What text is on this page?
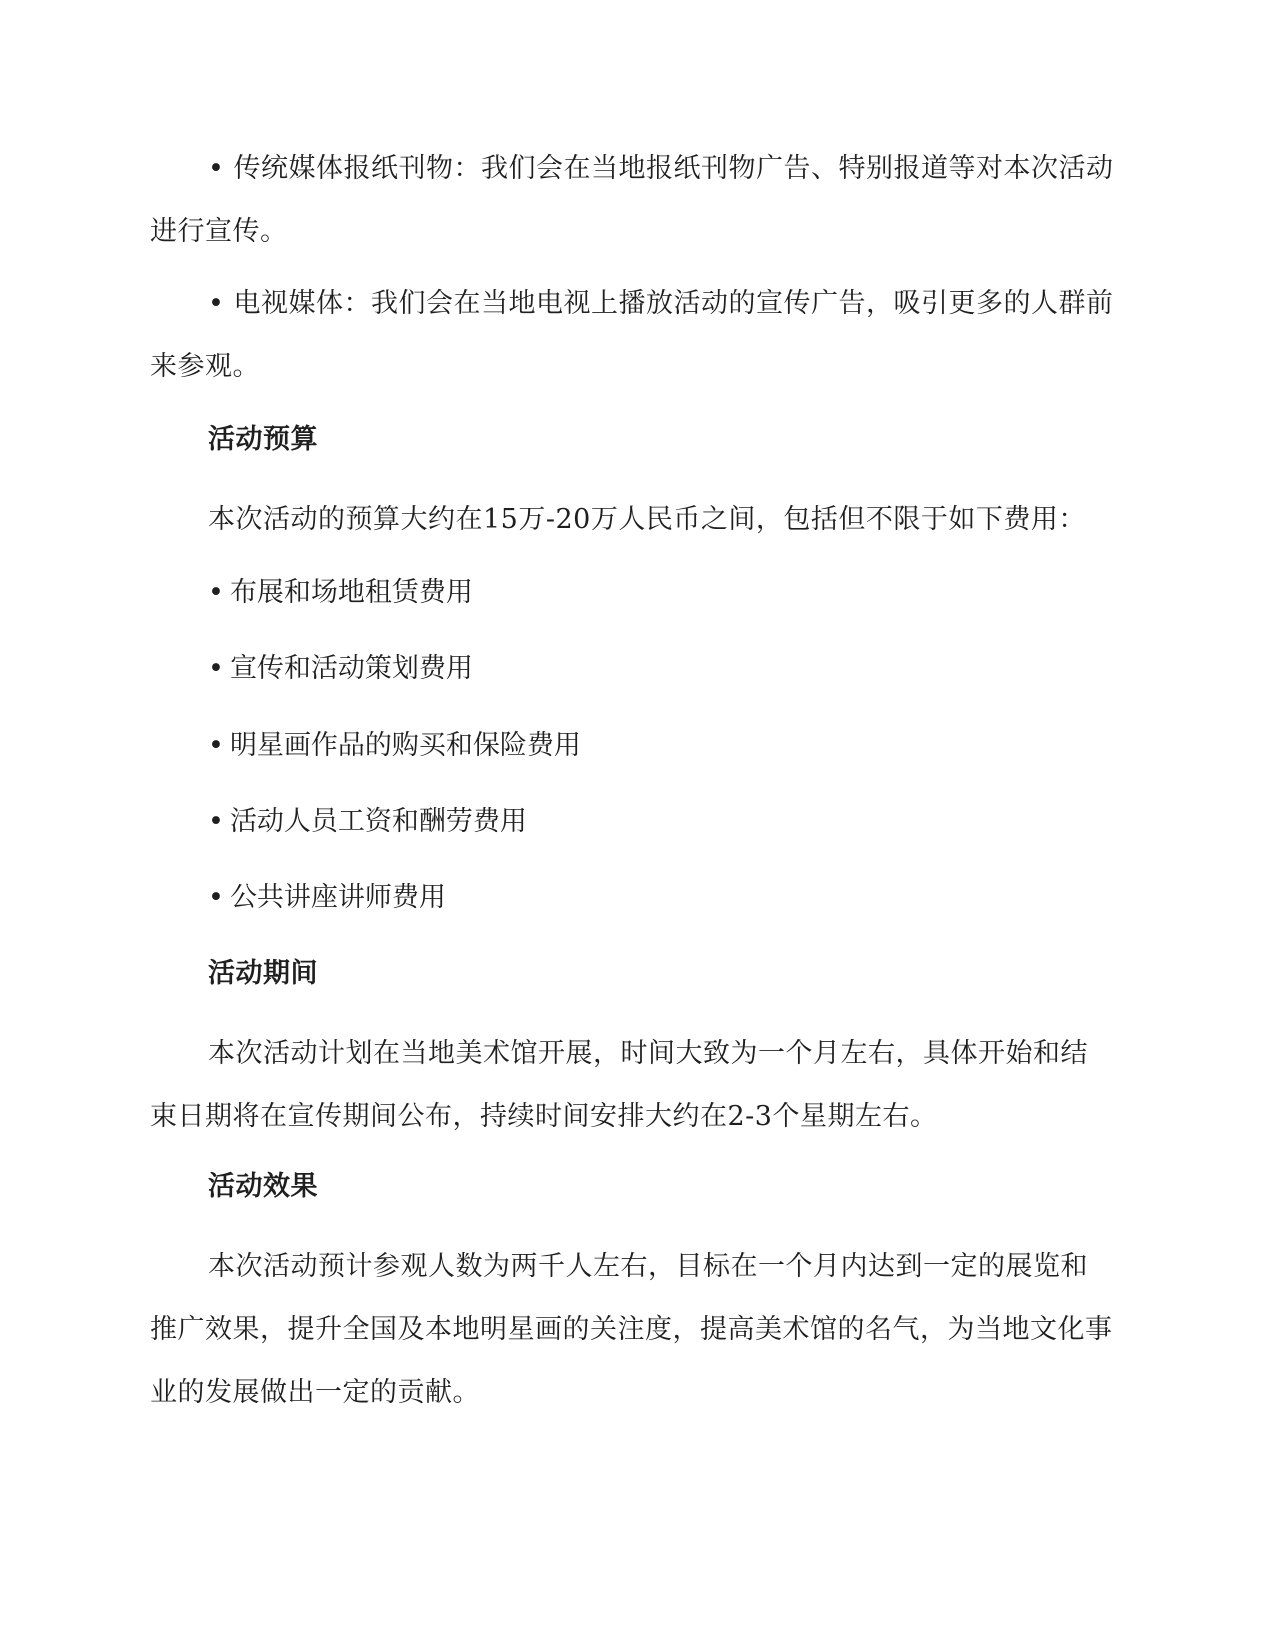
• 传统媒体报纸刊物：我们会在当地报纸刊物广告、特别报道等对本次活动进行宣传。

• 电视媒体：我们会在当地电视上播放活动的宣传广告，吸引更多的人群前来参观。

活动预算

本次活动的预算大约在15万-20万人民币之间，包括但不限于如下费用：

• 布展和场地租赁费用
• 宣传和活动策划费用
• 明星画作品的购买和保险费用
• 活动人员工资和酬劳费用
• 公共讲座讲师费用
活动期间

本次活动计划在当地美术馆开展，时间大致为一个月左右，具体开始和结束日期将在宣传期间公布，持续时间安排大约在2-3个星期左右。

活动效果

本次活动预计参观人数为两千人左右，目标在一个月内达到一定的展览和推广效果，提升全国及本地明星画的关注度，提高美术馆的名气，为当地文化事业的发展做出一定的贡献。
